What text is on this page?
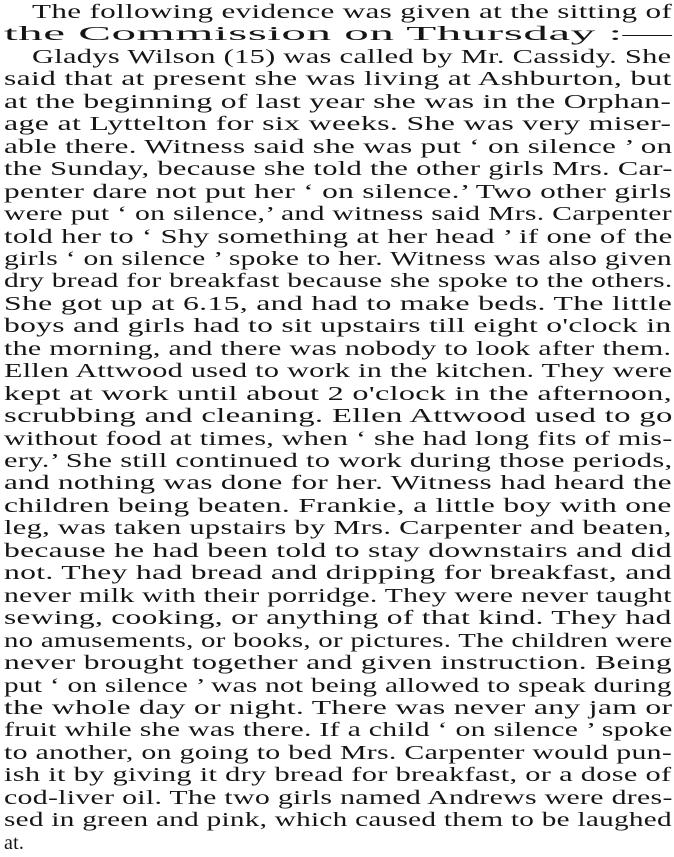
The following evidence was given at the sitting of
the Commission on Thursday :—
Gladys Wilson (15) was called by Mr. Cassidy. She
said that at present she was living at Ashburton, but
at the beginning of last year she was in the Orphan-
age at Lyttelton for six weeks. She was very miser-
able there. Witness said she was put ‘ on silence ’ on
the Sunday, because she told the other girls Mrs. Car-
penter dare not put her ‘ on silence.’ Two other girls
were put ‘ on silence,’ and witness said Mrs. Carpenter
told her to ‘ Shy something at her head ’ if one of the
girls ‘ on silence ’ spoke to her. Witness was also given
dry bread for breakfast because she spoke to the others.
She got up at 6.15, and had to make beds. The little
boys and girls had to sit upstairs till eight o'clock in
the morning, and there was nobody to look after them.
Ellen Attwood used to work in the kitchen. They were
kept at work until about 2 o'clock in the afternoon,
scrubbing and cleaning. Ellen Attwood used to go
without food at times, when ‘ she had long fits of mis-
ery.’ She still continued to work during those periods,
and nothing was done for her. Witness had heard the
children being beaten. Frankie, a little boy with one
leg, was taken upstairs by Mrs. Carpenter and beaten,
because he had been told to stay downstairs and did
not. They had bread and dripping for breakfast, and
never milk with their porridge. They were never taught
sewing, cooking, or anything of that kind. They had
no amusements, or books, or pictures. The children were
never brought together and given instruction. Being
put ‘ on silence ’ was not being allowed to speak during
the whole day or night. There was never any jam or
fruit while she was there. If a child ‘ on silence ’ spoke
to another, on going to bed Mrs. Carpenter would pun-
ish it by giving it dry bread for breakfast, or a dose of
cod-liver oil. The two girls named Andrews were dres-
sed in green and pink, which caused them to be laughed
at.
